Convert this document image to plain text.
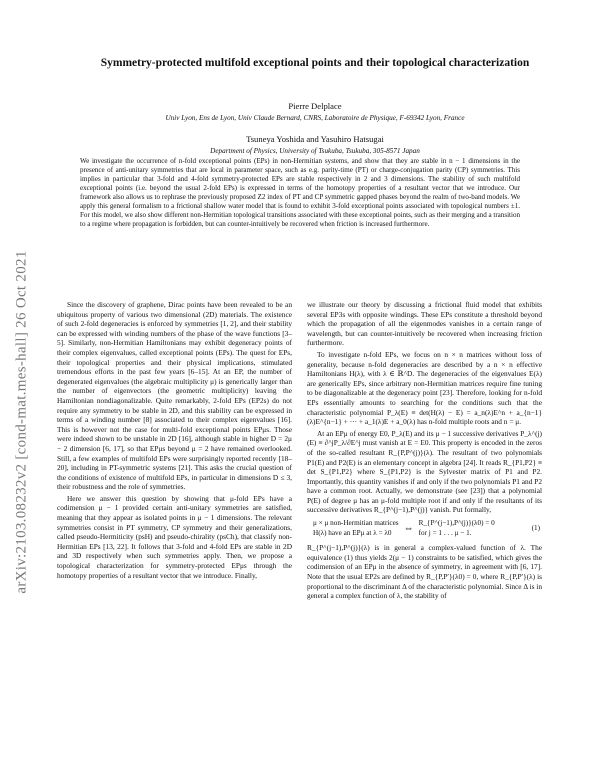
arXiv:2103.08232v2 [cond-mat.mes-hall] 26 Oct 2021
Symmetry-protected multifold exceptional points and their topological characterization
Pierre Delplace
Univ Lyon, Ens de Lyon, Univ Claude Bernard, CNRS, Laboratoire de Physique, F-69342 Lyon, France
Tsuneya Yoshida and Yasuhiro Hatsugai
Department of Physics, University of Tsukuba, Tsukuba, 305-8571 Japan
We investigate the occurrence of n-fold exceptional points (EPs) in non-Hermitian systems, and show that they are stable in n − 1 dimensions in the presence of anti-unitary symmetries that are local in parameter space, such as e.g. parity-time (PT) or charge-conjugation parity (CP) symmetries. This implies in particular that 3-fold and 4-fold symmetry-protected EPs are stable respectively in 2 and 3 dimensions. The stability of such multifold exceptional points (i.e. beyond the usual 2-fold EPs) is expressed in terms of the homotopy properties of a resultant vector that we introduce. Our framework also allows us to rephrase the previously proposed Z2 index of PT and CP symmetric gapped phases beyond the realm of two-band models. We apply this general formalism to a frictional shallow water model that is found to exhibit 3-fold exceptional points associated with topological numbers ±1. For this model, we also show different non-Hermitian topological transitions associated with these exceptional points, such as their merging and a transition to a regime where propagation is forbidden, but can counter-intuitively be recovered when friction is increased furthermore.

Since the discovery of graphene, Dirac points have been revealed to be an ubiquitous property of various two dimensional (2D) materials. The existence of such 2-fold degeneracies is enforced by symmetries [1, 2], and their stability can be expressed with winding numbers of the phase of the wave functions [3–5]. Similarly, non-Hermitian Hamiltonians may exhibit degeneracy points of their complex eigenvalues, called exceptional points (EPs). The quest for EPs, their topological properties and their physical implications, stimulated tremendous efforts in the past few years [6–15]. At an EP, the number of degenerated eigenvalues (the algebraic multiplicity μ) is generically larger than the number of eigenvectors (the geometric multiplicity) leaving the Hamiltonian nondiagonalizable. Quite remarkably, 2-fold EPs (EP2s) do not require any symmetry to be stable in 2D, and this stability can be expressed in terms of a winding number [8] associated to their complex eigenvalues [16]. This is however not the case for multi-fold exceptional points EPμs. Those were indeed shown to be unstable in 2D [16], although stable in higher D = 2μ − 2 dimension [6, 17], so that EPμs beyond μ = 2 have remained overlooked. Still, a few examples of multifold EPs were surprisingly reported recently [18–20], including in PT-symmetric systems [21]. This asks the crucial question of the conditions of existence of multifold EPs, in particular in dimensions D ≤ 3, their robustness and the role of symmetries.

Here we answer this question by showing that μ-fold EPs have a codimension μ − 1 provided certain anti-unitary symmetries are satisfied, meaning that they appear as isolated points in μ − 1 dimensions. The relevant symmetries consist in PT symmetry, CP symmetry and their generalizations, called pseudo-Hermiticity (psH) and pseudo-chirality (psCh), that classify non-Hermitian EPs [13, 22]. It follows that 3-fold and 4-fold EPs are stable in 2D and 3D respectively when such symmetries apply. Then, we propose a topological characterization for symmetry-protected EPμs through the homotopy properties of a resultant vector that we introduce. Finally,

we illustrate our theory by discussing a frictional fluid model that exhibits several EP3s with opposite windings. These EPs constitute a threshold beyond which the propagation of all the eigenmodes vanishes in a certain range of wavelength, but can counter-intuitively be recovered when increasing friction furthermore.

To investigate n-fold EPs, we focus on n × n matrices without loss of generality, because n-fold degeneracies are described by a n × n effective Hamiltonians H(λ), with λ ∈ ℝ^D. The degeneracies of the eigenvalues E(λ) are generically EPs, since arbitrary non-Hermitian matrices require fine tuning to be diagonalizable at the degeneracy point [23]. Therefore, looking for n-fold EPs essentially amounts to searching for the conditions such that the characteristic polynomial P_λ(E) ≡ det(H(λ) − E) = a_n(λ)E^n + a_{n−1}(λ)E^{n−1} + ··· + a_1(λ)E + a_0(λ) has n-fold multiple roots and n = μ.

At an EPμ of energy E0, P_λ(E) and its μ − 1 successive derivatives P_λ^(j)(E) ≡ ∂^jP_λ/∂E^j must vanish at E = E0. This property is encoded in the zeros of the so-called resultant R_{P,P^(j)}(λ). The resultant of two polynomials P1(E) and P2(E) is an elementary concept in algebra [24]. It reads R_{P1,P2} ≡ det S_{P1,P2} where S_{P1,P2} is the Sylvester matrix of P1 and P2. Importantly, this quantity vanishes if and only if the two polynomials P1 and P2 have a common root. Actually, we demonstrate (see [23]) that a polynomial P(E) of degree μ has an μ-fold multiple root if and only if the resultants of its successive derivatives R_{P^(j−1),P^(j)} vanish. Put formally,

μ × μ non-Hermitian matrices
H(λ) have an EPμ at λ = λ0	⇔ R_{P^(j−1),P^(j)}(λ0) = 0
for j = 1 . . . μ − 1.
(1)

R_{P^(j−1),P^(j)}(λ) is in general a complex-valued function of λ. The equivalence (1) thus yields 2(μ − 1) constraints to be satisfied, which gives the codimension of an EPμ in the absence of symmetry, in agreement with [6, 17]. Note that the usual EP2s are defined by R_{P,P′}(λ0) = 0, where R_{P,P′}(λ) is proportional to the discriminant Δ of the characteristic polynomial. Since Δ is in general a complex function of λ, the stability of
